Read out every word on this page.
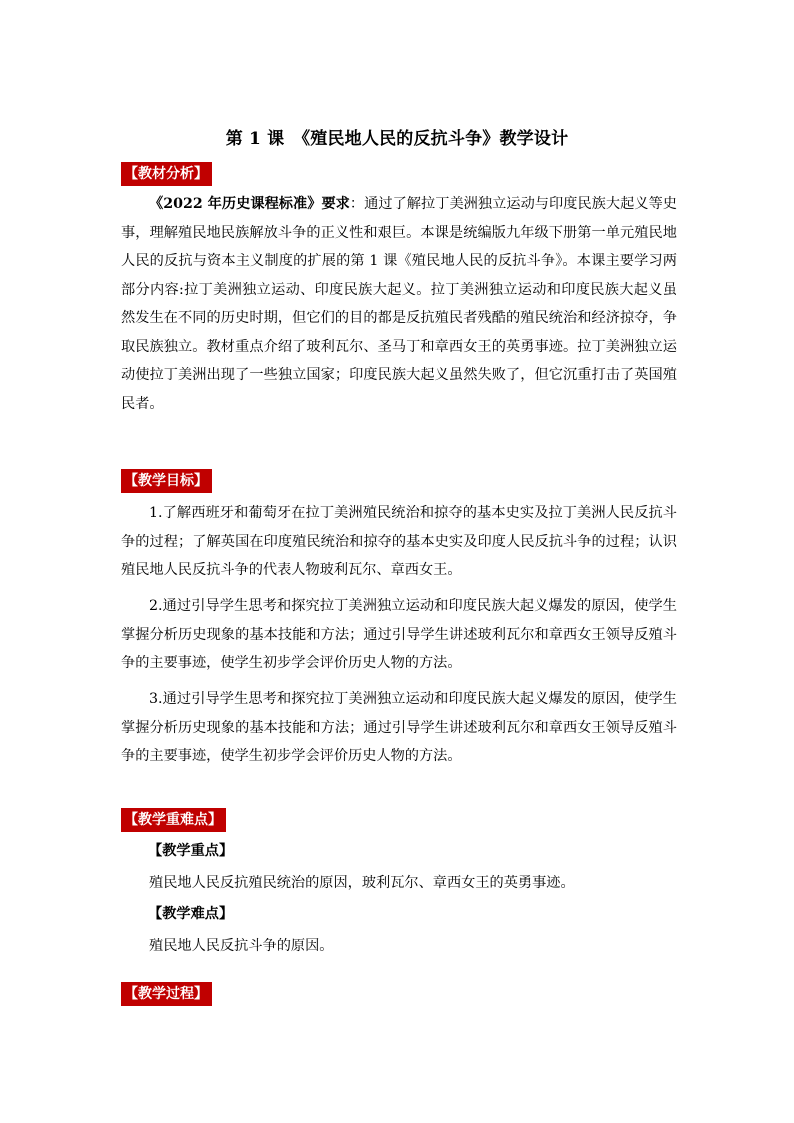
第 1 课　《殖民地人民的反抗斗争》教学设计
【教材分析】
《2022 年历史课程标准》要求：通过了解拉丁美洲独立运动与印度民族大起义等史事，理解殖民地民族解放斗争的正义性和艰巨。本课是统编版九年级下册第一单元殖民地人民的反抗与资本主义制度的扩展的第 1 课《殖民地人民的反抗斗争》。本课主要学习两部分内容:拉丁美洲独立运动、印度民族大起义。拉丁美洲独立运动和印度民族大起义虽然发生在不同的历史时期，但它们的目的都是反抗殖民者残酷的殖民统治和经济掠夺，争取民族独立。教材重点介绍了玻利瓦尔、圣马丁和章西女王的英勇事迹。拉丁美洲独立运动使拉丁美洲出现了一些独立国家；印度民族大起义虽然失败了，但它沉重打击了英国殖民者。
【教学目标】
1.了解西班牙和葡萄牙在拉丁美洲殖民统治和掠夺的基本史实及拉丁美洲人民反抗斗争的过程；了解英国在印度殖民统治和掠夺的基本史实及印度人民反抗斗争的过程；认识殖民地人民反抗斗争的代表人物玻利瓦尔、章西女王。
2.通过引导学生思考和探究拉丁美洲独立运动和印度民族大起义爆发的原因，使学生掌握分析历史现象的基本技能和方法；通过引导学生讲述玻利瓦尔和章西女王领导反殖斗争的主要事迹，使学生初步学会评价历史人物的方法。
3.通过引导学生思考和探究拉丁美洲独立运动和印度民族大起义爆发的原因，使学生掌握分析历史现象的基本技能和方法；通过引导学生讲述玻利瓦尔和章西女王领导反殖斗争的主要事迹，使学生初步学会评价历史人物的方法。
【教学重难点】
【教学重点】
殖民地人民反抗殖民统治的原因，玻利瓦尔、章西女王的英勇事迹。
【教学难点】
殖民地人民反抗斗争的原因。
【教学过程】
